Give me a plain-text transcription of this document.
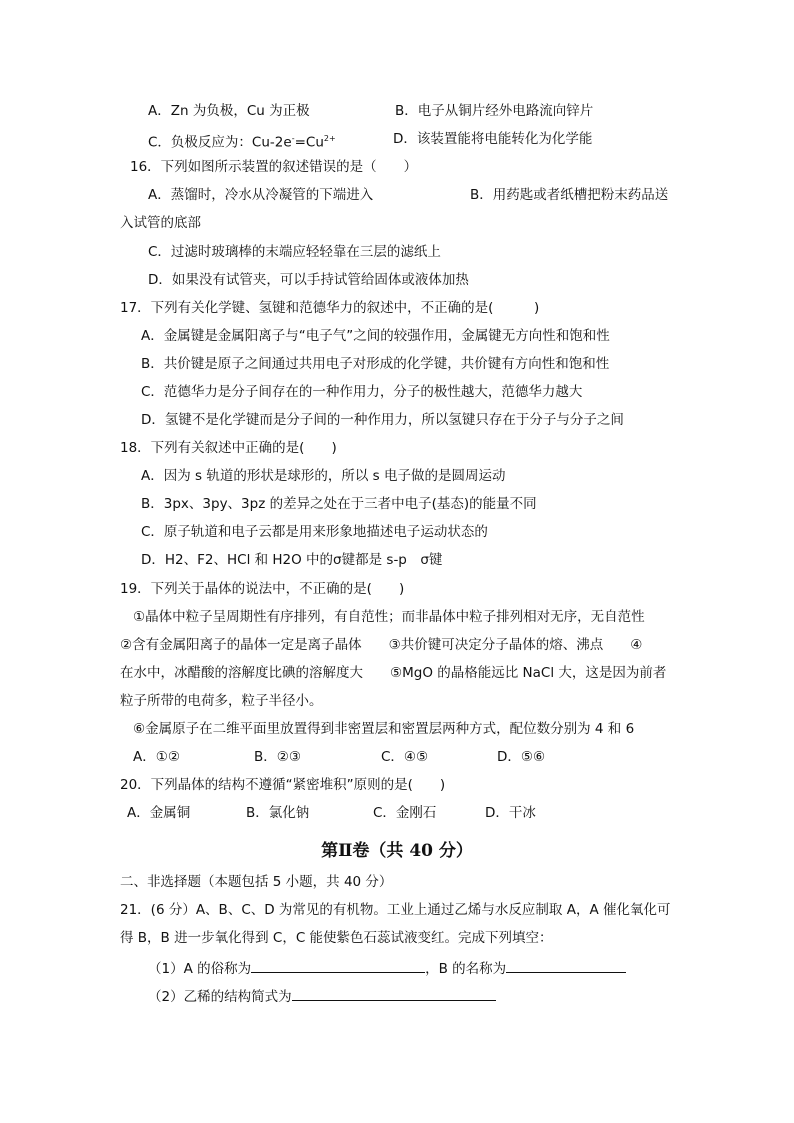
A．Zn 为负极，Cu 为正极	B．电子从铜片经外电路流向锌片
C．负极反应为：$Cu-2e^-=Cu^{2+}$	D．该装置能将电能转化为化学能
16．下列如图所示装置的叙述错误的是（　　）
A．蒸馏时，冷水从冷凝管的下端进入	B．用药匙或者纸槽把粉末药品送
入试管的底部
C．过滤时玻璃棒的末端应轻轻靠在三层的滤纸上
D．如果没有试管夹，可以手持试管给固体或液体加热
17．下列有关化学键、氢键和范德华力的叙述中，不正确的是(　　　)
A．金属键是金属阳离子与“电子气”之间的较强作用，金属键无方向性和饱和性
B．共价键是原子之间通过共用电子对形成的化学键，共价键有方向性和饱和性
C．范德华力是分子间存在的一种作用力，分子的极性越大，范德华力越大
D．氢键不是化学键而是分子间的一种作用力，所以氢键只存在于分子与分子之间
18．下列有关叙述中正确的是(　　)
A．因为 s 轨道的形状是球形的，所以 s 电子做的是圆周运动
B．3px、3py、3pz 的差异之处在于三者中电子(基态)的能量不同
C．原子轨道和电子云都是用来形象地描述电子运动状态的
D．H2、F2、HCl 和 H2O 中的σ键都是 s-p　σ键
19．下列关于晶体的说法中，不正确的是(　　)
①晶体中粒子呈周期性有序排列，有自范性；而非晶体中粒子排列相对无序，无自范性
②含有金属阳离子的晶体一定是离子晶体　　③共价键可决定分子晶体的熔、沸点　　④
在水中，冰醋酸的溶解度比碘的溶解度大　　⑤MgO 的晶格能远比 NaCl 大，这是因为前者
粒子所带的电荷多，粒子半径小。
⑥金属原子在二维平面里放置得到非密置层和密置层两种方式，配位数分别为 4 和 6
A．①②	B．②③	C．④⑤	D．⑤⑥
20．下列晶体的结构不遵循“紧密堆积”原则的是(　　)
A．金属铜	B．氯化钠	C．金刚石	D．干冰
第Ⅱ卷（共 40 分）
二、非选择题（本题包括 5 小题，共 40 分）
21．(6 分）A、B、C、D 为常见的有机物。工业上通过乙烯与水反应制取 A，A 催化氧化可
得 B，B 进一步氧化得到 C，C 能使紫色石蕊试液变红。完成下列填空：
（1）A 的俗称为	，B 的名称为
（2）乙稀的结构简式为
